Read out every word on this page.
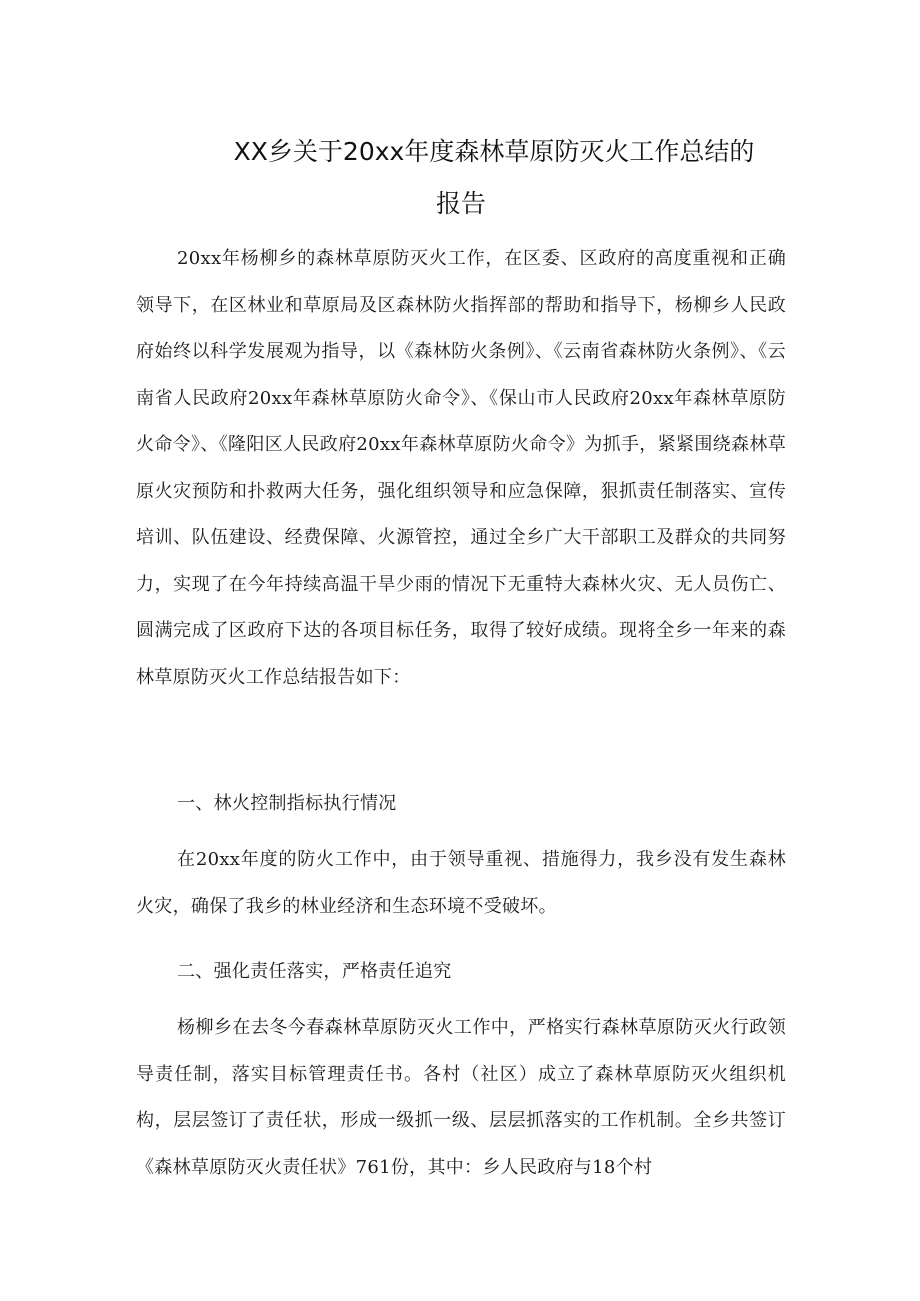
XX乡关于20xx年度森林草原防灭火工作总结的
报告

20xx年杨柳乡的森林草原防灭火工作，在区委、区政府的高度重视和正确领导下，在区林业和草原局及区森林防火指挥部的帮助和指导下，杨柳乡人民政府始终以科学发展观为指导，以《森林防火条例》、《云南省森林防火条例》、《云南省人民政府20xx年森林草原防火命令》、《保山市人民政府20xx年森林草原防火命令》、《隆阳区人民政府20xx年森林草原防火命令》为抓手，紧紧围绕森林草原火灾预防和扑救两大任务，强化组织领导和应急保障，狠抓责任制落实、宣传培训、队伍建设、经费保障、火源管控，通过全乡广大干部职工及群众的共同努力，实现了在今年持续高温干旱少雨的情况下无重特大森林火灾、无人员伤亡、圆满完成了区政府下达的各项目标任务，取得了较好成绩。现将全乡一年来的森林草原防灭火工作总结报告如下：

一、林火控制指标执行情况

在20xx年度的防火工作中，由于领导重视、措施得力，我乡没有发生森林火灾，确保了我乡的林业经济和生态环境不受破坏。

二、强化责任落实，严格责任追究

杨柳乡在去冬今春森林草原防灭火工作中，严格实行森林草原防灭火行政领导责任制，落实目标管理责任书。各村（社区）成立了森林草原防灭火组织机构，层层签订了责任状，形成一级抓一级、层层抓落实的工作机制。全乡共签订《森林草原防灭火责任状》761份，其中：乡人民政府与18个村
